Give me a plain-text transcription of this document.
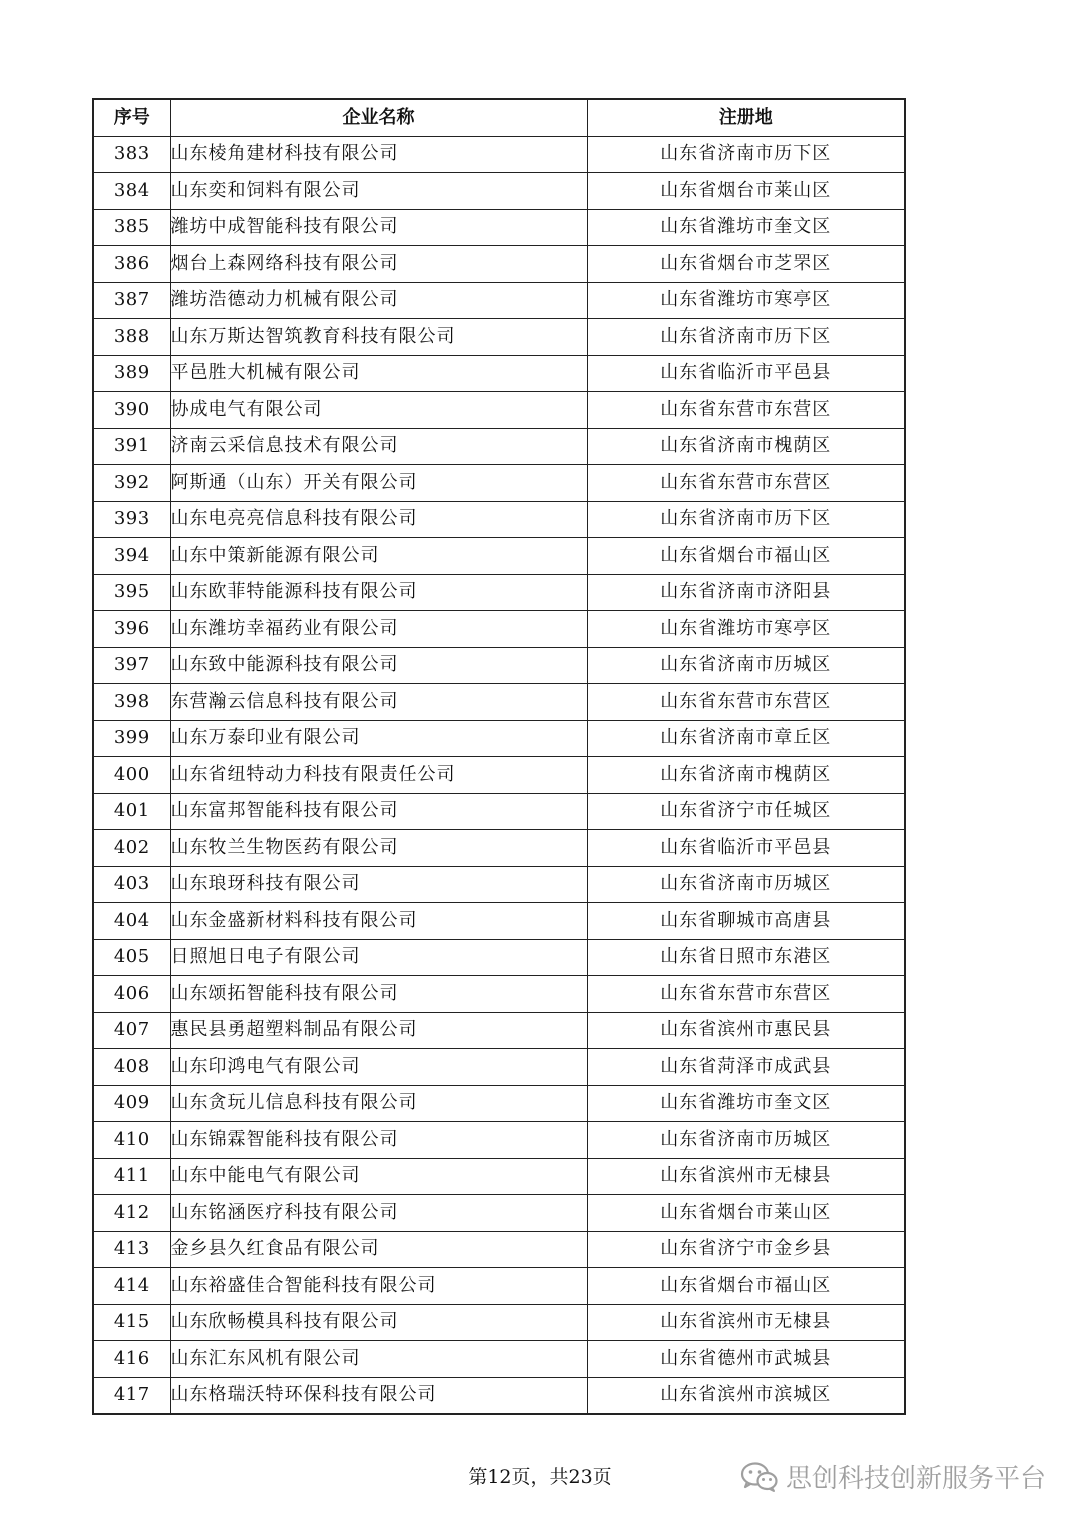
序号	企业名称	注册地
383	山东棱角建材科技有限公司	山东省济南市历下区
384	山东奕和饲料有限公司	山东省烟台市莱山区
385	潍坊中成智能科技有限公司	山东省潍坊市奎文区
386	烟台上森网络科技有限公司	山东省烟台市芝罘区
387	潍坊浩德动力机械有限公司	山东省潍坊市寒亭区
388	山东万斯达智筑教育科技有限公司	山东省济南市历下区
389	平邑胜大机械有限公司	山东省临沂市平邑县
390	协成电气有限公司	山东省东营市东营区
391	济南云采信息技术有限公司	山东省济南市槐荫区
392	阿斯通（山东）开关有限公司	山东省东营市东营区
393	山东电亮亮信息科技有限公司	山东省济南市历下区
394	山东中策新能源有限公司	山东省烟台市福山区
395	山东欧菲特能源科技有限公司	山东省济南市济阳县
396	山东潍坊幸福药业有限公司	山东省潍坊市寒亭区
397	山东致中能源科技有限公司	山东省济南市历城区
398	东营瀚云信息科技有限公司	山东省东营市东营区
399	山东万泰印业有限公司	山东省济南市章丘区
400	山东省纽特动力科技有限责任公司	山东省济南市槐荫区
401	山东富邦智能科技有限公司	山东省济宁市任城区
402	山东牧兰生物医药有限公司	山东省临沂市平邑县
403	山东琅玡科技有限公司	山东省济南市历城区
404	山东金盛新材料科技有限公司	山东省聊城市高唐县
405	日照旭日电子有限公司	山东省日照市东港区
406	山东颂拓智能科技有限公司	山东省东营市东营区
407	惠民县勇超塑料制品有限公司	山东省滨州市惠民县
408	山东印鸿电气有限公司	山东省菏泽市成武县
409	山东贪玩儿信息科技有限公司	山东省潍坊市奎文区
410	山东锦霖智能科技有限公司	山东省济南市历城区
411	山东中能电气有限公司	山东省滨州市无棣县
412	山东铭涵医疗科技有限公司	山东省烟台市莱山区
413	金乡县久红食品有限公司	山东省济宁市金乡县
414	山东裕盛佳合智能科技有限公司	山东省烟台市福山区
415	山东欣畅模具科技有限公司	山东省滨州市无棣县
416	山东汇东风机有限公司	山东省德州市武城县
417	山东格瑞沃特环保科技有限公司	山东省滨州市滨城区
第12页，共23页	思创科技创新服务平台
